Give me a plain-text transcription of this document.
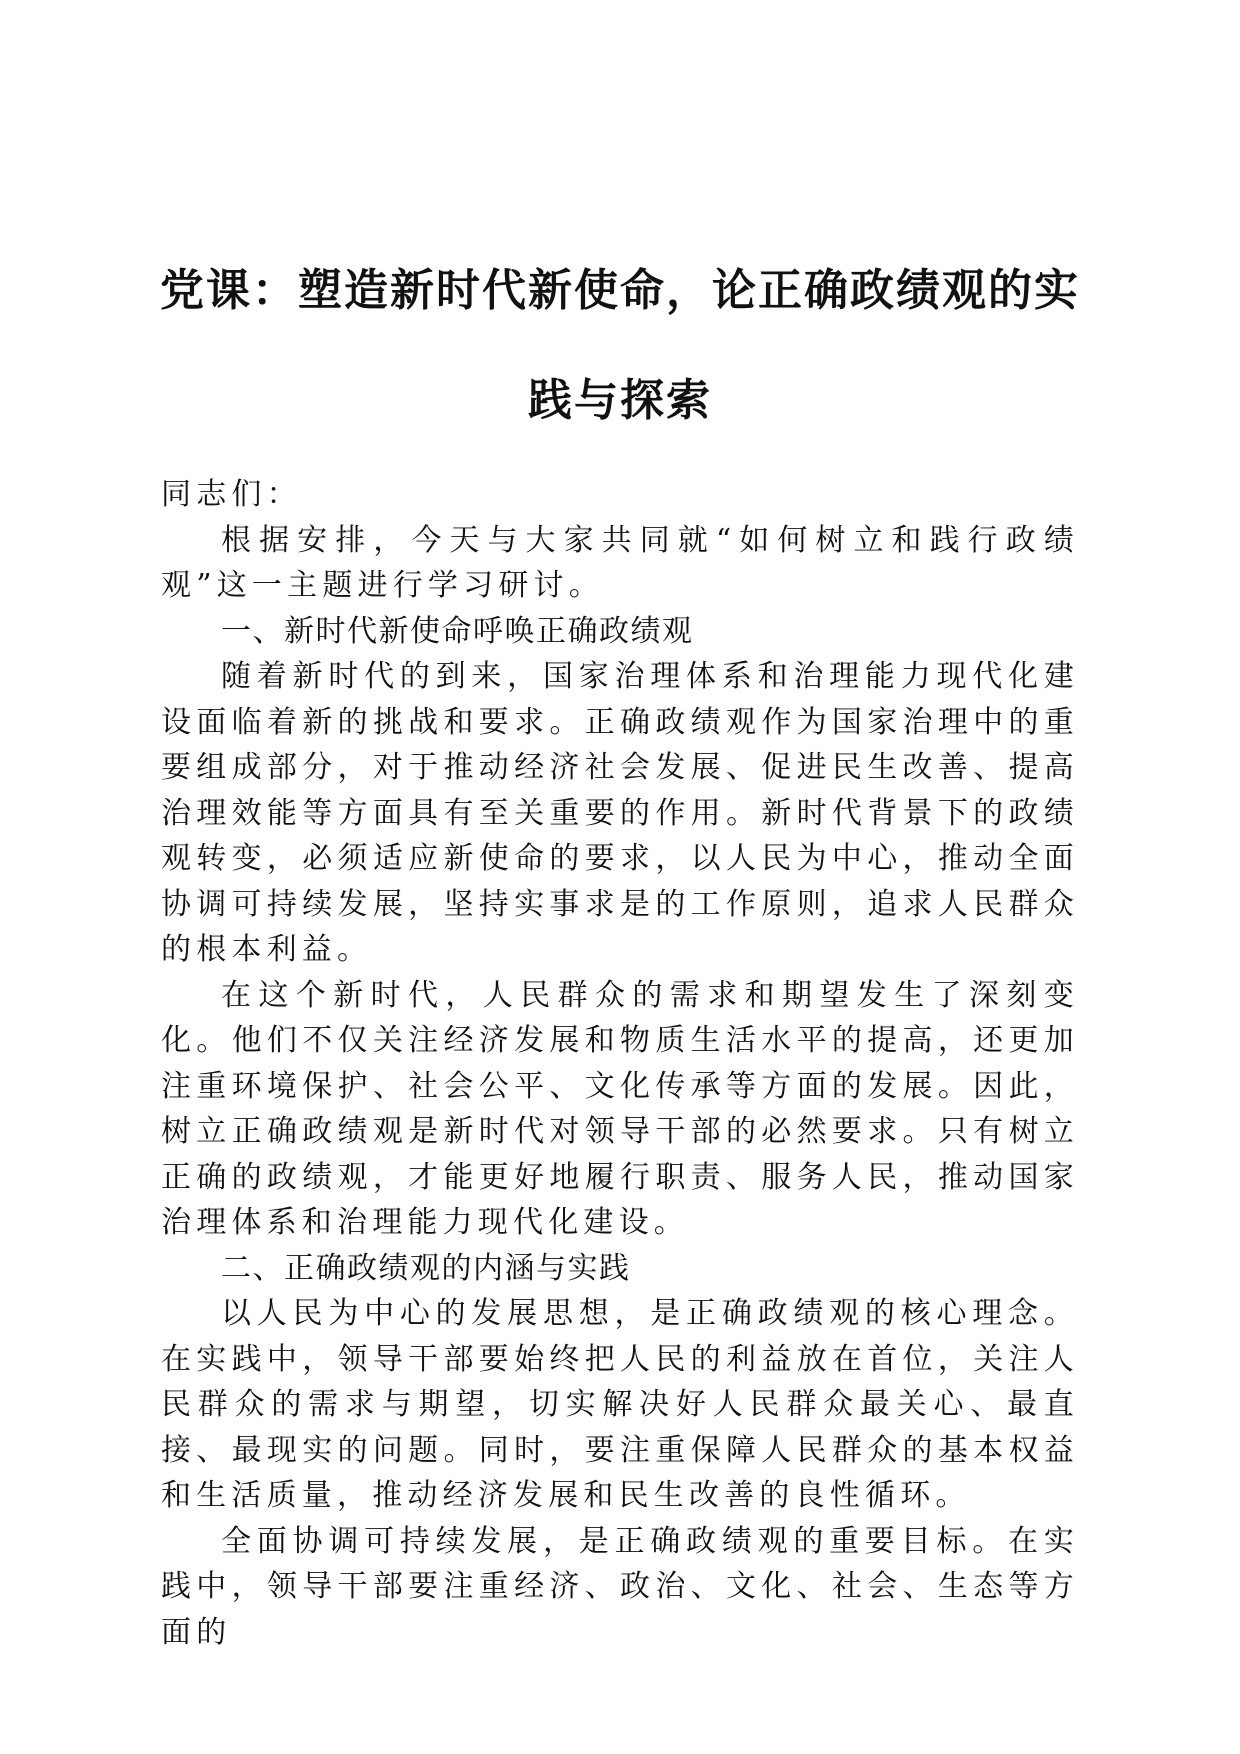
党课：塑造新时代新使命，论正确政绩观的实践与探索

同志们：

根据安排，今天与大家共同就“如何树立和践行政绩观”这一主题进行学习研讨。

一、新时代新使命呼唤正确政绩观

随着新时代的到来，国家治理体系和治理能力现代化建设面临着新的挑战和要求。正确政绩观作为国家治理中的重要组成部分，对于推动经济社会发展、促进民生改善、提高治理效能等方面具有至关重要的作用。新时代背景下的政绩观转变，必须适应新使命的要求，以人民为中心，推动全面协调可持续发展，坚持实事求是的工作原则，追求人民群众的根本利益。

在这个新时代，人民群众的需求和期望发生了深刻变化。他们不仅关注经济发展和物质生活水平的提高，还更加注重环境保护、社会公平、文化传承等方面的发展。因此，树立正确政绩观是新时代对领导干部的必然要求。只有树立正确的政绩观，才能更好地履行职责、服务人民，推动国家治理体系和治理能力现代化建设。

二、正确政绩观的内涵与实践

以人民为中心的发展思想，是正确政绩观的核心理念。在实践中，领导干部要始终把人民的利益放在首位，关注人民群众的需求与期望，切实解决好人民群众最关心、最直接、最现实的问题。同时，要注重保障人民群众的基本权益和生活质量，推动经济发展和民生改善的良性循环。

全面协调可持续发展，是正确政绩观的重要目标。在实践中，领导干部要注重经济、政治、文化、社会、生态等方面的
